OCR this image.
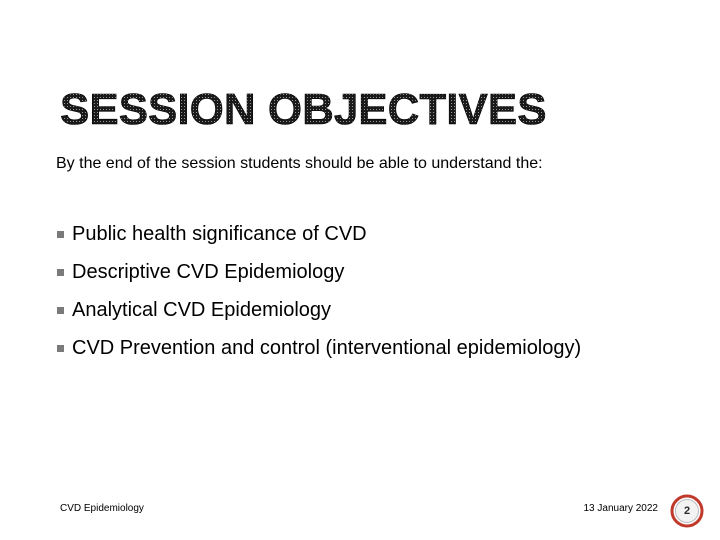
SESSION OBJECTIVES
By the end of the session students should be able to understand the:
Public health significance of CVD
Descriptive CVD Epidemiology
Analytical CVD Epidemiology
CVD Prevention and control (interventional epidemiology)
CVD Epidemiology	13 January 2022	2
